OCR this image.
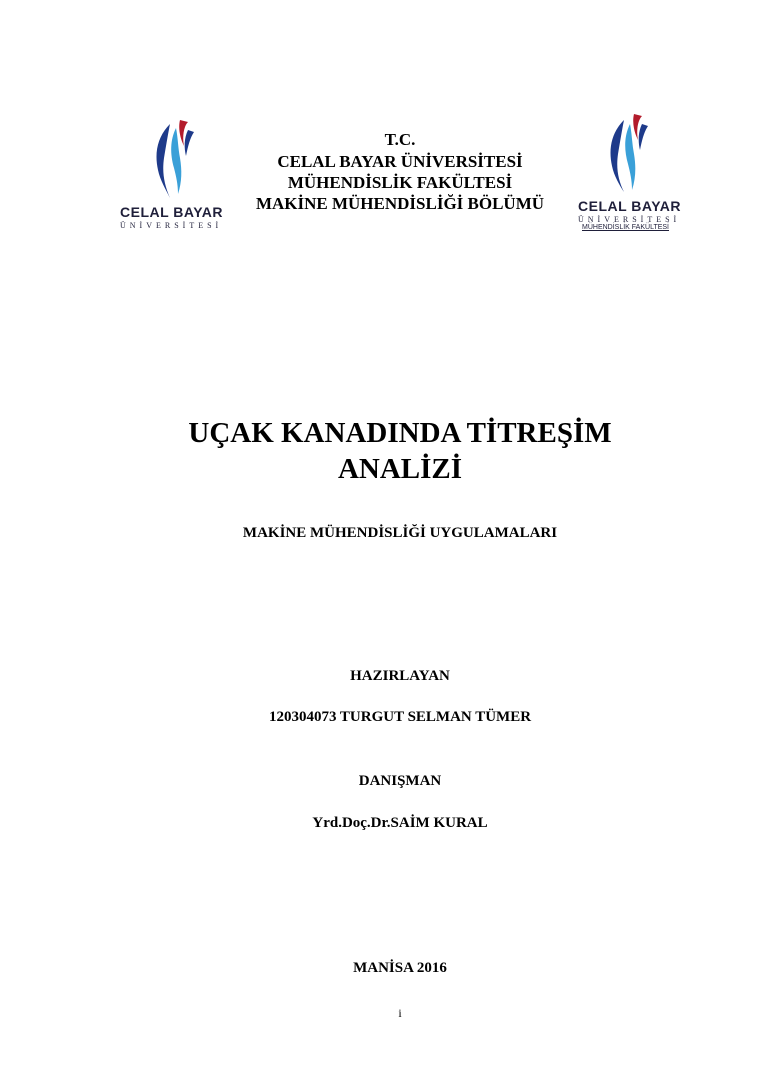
CELAL BAYAR
ÜNİVERSİTESİ
CELAL BAYAR
ÜNİVERSİTESİ
MÜHENDİSLİK FAKÜLTESİ
T.C.
CELAL BAYAR ÜNİVERSİTESİ
MÜHENDİSLİK FAKÜLTESİ
MAKİNE MÜHENDİSLİĞİ BÖLÜMÜ
UÇAK KANADINDA TİTREŞİM
ANALİZİ
MAKİNE MÜHENDİSLİĞİ UYGULAMALARI
HAZIRLAYAN
120304073 TURGUT SELMAN TÜMER
DANIŞMAN
Yrd.Doç.Dr.SAİM KURAL
MANİSA 2016
i
